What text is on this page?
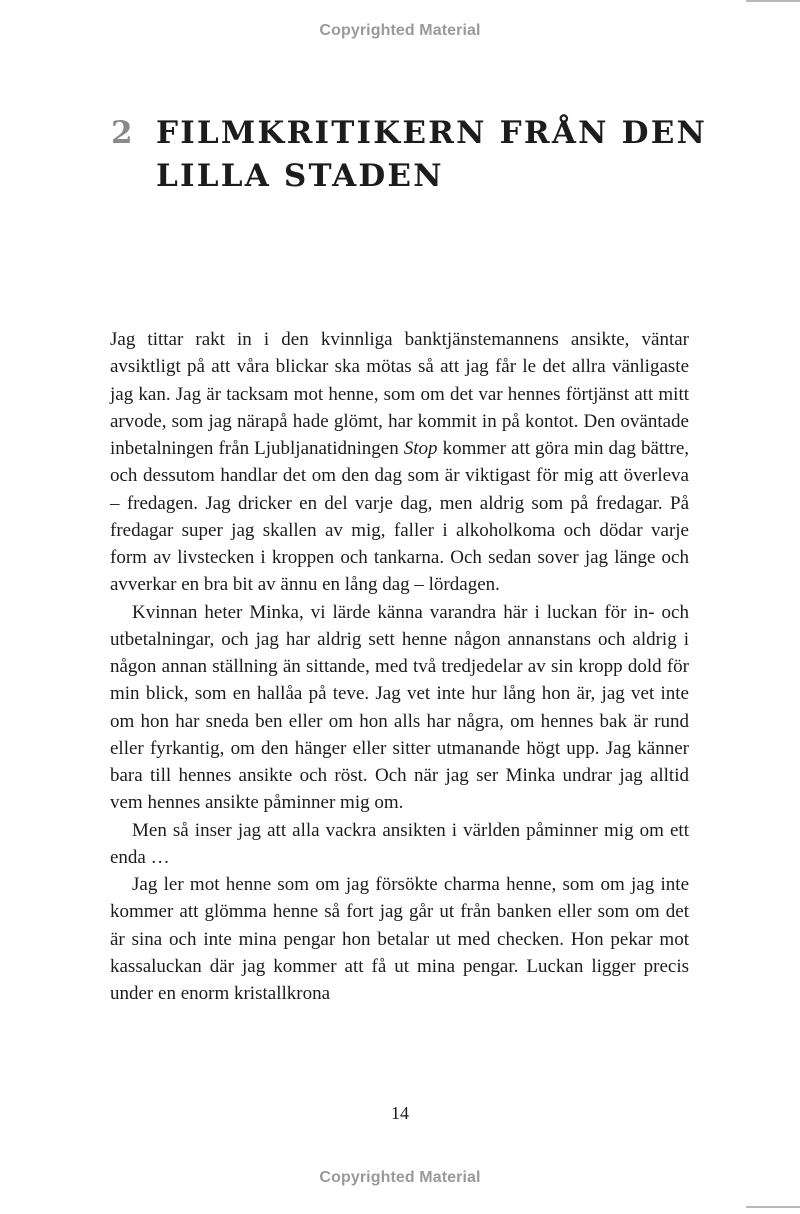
Copyrighted Material
2 FILMKRITIKERN FRÅN DEN
LILLA STADEN

Jag tittar rakt in i den kvinnliga banktjänstemannens ansikte, väntar avsiktligt på att våra blickar ska mötas så att jag får le det allra vänligaste jag kan. Jag är tacksam mot henne, som om det var hennes förtjänst att mitt arvode, som jag närapå hade glömt, har kommit in på kontot. Den oväntade inbetalningen från Ljubljanatidningen Stop kommer att göra min dag bättre, och dessutom handlar det om den dag som är viktigast för mig att överleva – fredagen. Jag dricker en del varje dag, men aldrig som på fredagar. På fredagar super jag skallen av mig, faller i alkoholkoma och dödar varje form av livstecken i kroppen och tankarna. Och sedan sover jag länge och avverkar en bra bit av ännu en lång dag – lördagen.

Kvinnan heter Minka, vi lärde känna varandra här i luckan för in- och utbetalningar, och jag har aldrig sett henne någon annanstans och aldrig i någon annan ställning än sittande, med två tredjedelar av sin kropp dold för min blick, som en hallåa på teve. Jag vet inte hur lång hon är, jag vet inte om hon har sneda ben eller om hon alls har några, om hennes bak är rund eller fyrkantig, om den hänger eller sitter utmanande högt upp. Jag känner bara till hennes ansikte och röst. Och när jag ser Minka undrar jag alltid vem hennes ansikte påminner mig om.

Men så inser jag att alla vackra ansikten i världen påminner mig om ett enda …

Jag ler mot henne som om jag försökte charma henne, som om jag inte kommer att glömma henne så fort jag går ut från banken eller som om det är sina och inte mina pengar hon betalar ut med checken. Hon pekar mot kassaluckan där jag kommer att få ut mina pengar. Luckan ligger precis under en enorm kristallkrona

14
Copyrighted Material
